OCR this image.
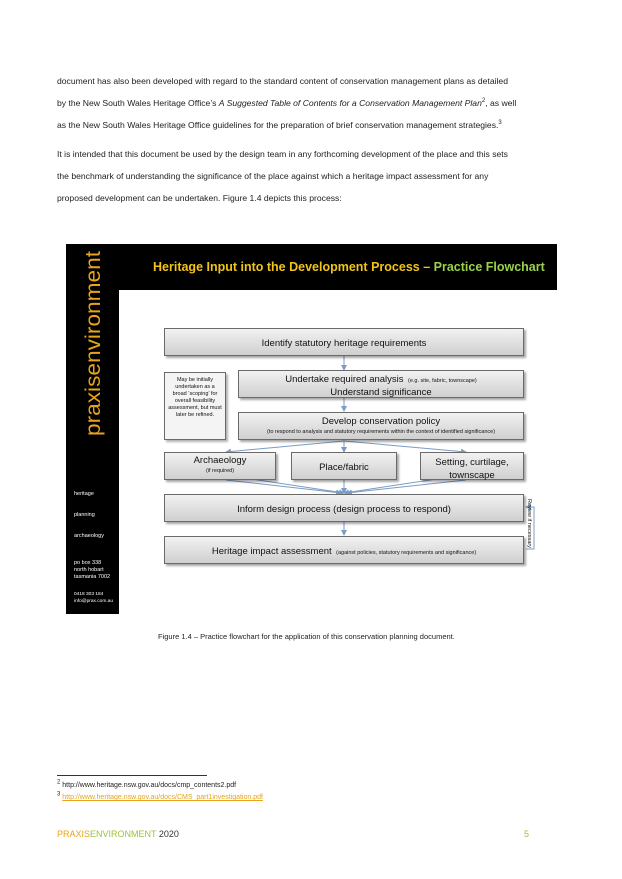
document has also been developed with regard to the standard content of conservation management plans as detailed
by the New South Wales Heritage Office’s A Suggested Table of Contents for a Conservation Management Plan$^2$, as well
as the New South Wales Heritage Office guidelines for the preparation of brief conservation management strategies.$^3$
It is intended that this document be used by the design team in any forthcoming development of the place and this sets
the benchmark of understanding the significance of the place against which a heritage impact assessment for any
proposed development can be undertaken. Figure 1.4 depicts this process:
praxisenvironment
heritage
planning
archaeology
po box 338
north hobart
tasmania 7002
0418 303 184
info@prax.com.au
Heritage Input into the Development Process – Practice Flowchart
Identify statutory heritage requirements
May be initially undertaken as a broad ‘scoping’ for overall feasibility assessment, but must later be refined.
Undertake required analysis (e.g. site, fabric, townscape)
Understand significance
Develop conservation policy
(to respond to analysis and statutory requirements within the context of identified significance)
Archaeology
(if required)	Place/fabric	Setting, curtilage, townscape
Inform design process (design process to respond)
Heritage impact assessment (against policies, statutory requirements and significance)
Review if necessary
Figure 1.4 – Practice flowchart for the application of this conservation planning document.
$^2$ http://www.heritage.nsw.gov.au/docs/cmp_contents2.pdf
$^3$ http://www.heritage.nsw.gov.au/docs/CMS_part1investigation.pdf
PRAXISENVIRONMENT 2020	5
